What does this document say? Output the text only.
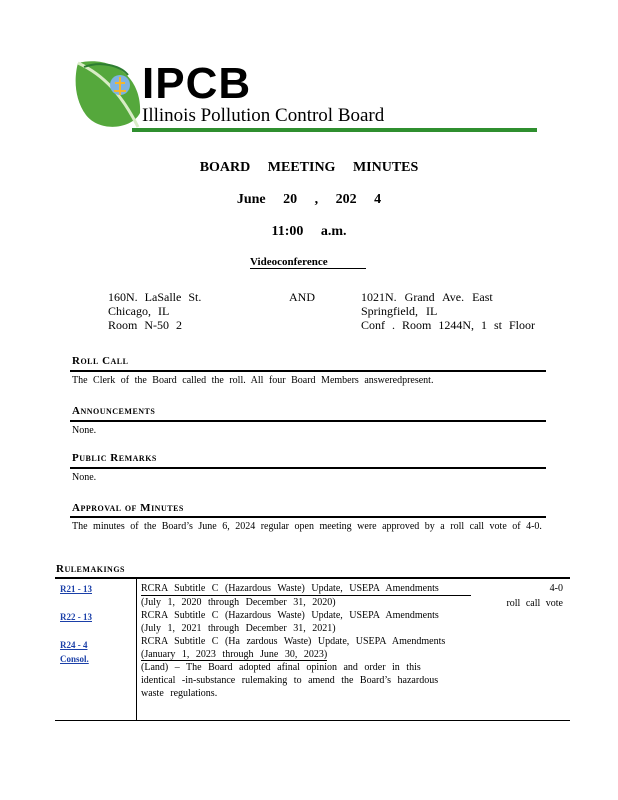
IPCB
Illinois Pollution Control Board
BOARD MEETING MINUTES
June 20 , 202 4
11:00 a.m.
Videoconference
160N. LaSalle St.
Chicago, IL
Room N-50 2
AND	1021N. Grand Ave. East
Springfield, IL
Conf . Room 1244N, 1 st Floor
Roll Call
The Clerk of the Board called the roll. All four Board Members answeredpresent.
Announcements
None.
Public Remarks
None.
Approval of Minutes
The minutes of the Board’s June 6, 2024 regular open meeting were approved by a roll call vote of 4-0.
Rulemakings
R21 - 13
R22 - 13
R24 - 4
Consol.
RCRA Subtitle C (Hazardous Waste) Update, USEPA Amendments
(July 1, 2020 through December 31, 2020)
RCRA Subtitle C (Hazardous Waste) Update, USEPA Amendments
(July 1, 2021 through December 31, 2021)
RCRA Subtitle C (Ha zardous Waste) Update, USEPA Amendments
(January 1, 2023 through June 30, 2023)
(Land) – The Board adopted afinal opinion and order in this
identical -in-substance rulemaking to amend the Board’s hazardous
waste regulations.
4-0
roll call vote
